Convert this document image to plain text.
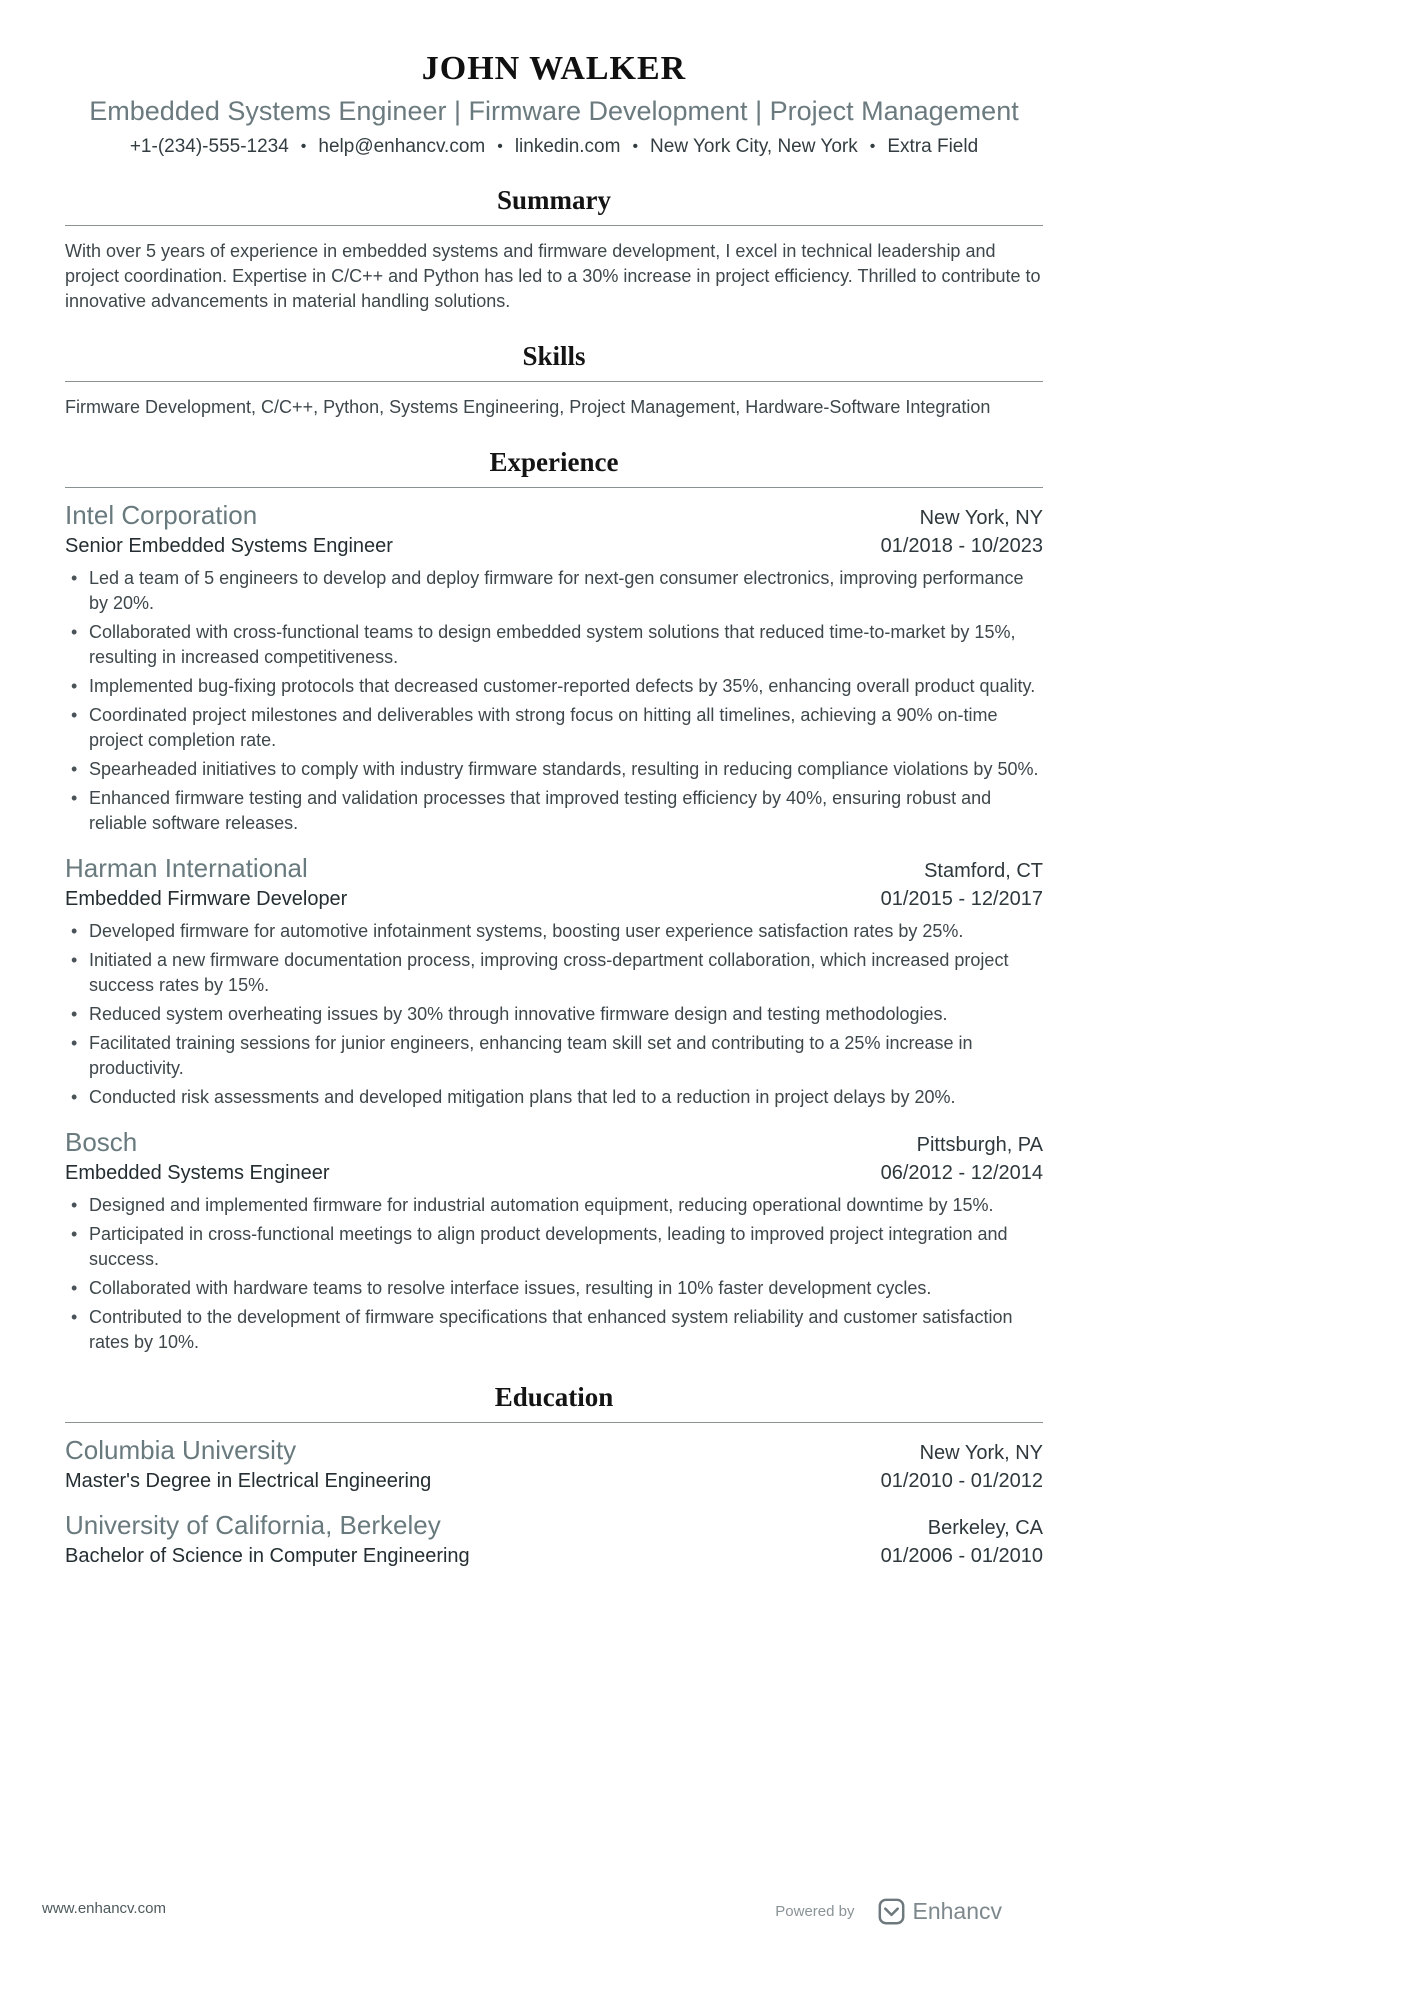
JOHN WALKER
Embedded Systems Engineer | Firmware Development | Project Management
+1-(234)-555-1234	• help@enhancv.com	• linkedin.com	• New York City, New York	• Extra Field
Summary

With over 5 years of experience in embedded systems and firmware development, I excel in technical leadership and project coordination. Expertise in C/C++ and Python has led to a 30% increase in project efficiency. Thrilled to contribute to innovative advancements in material handling solutions.

Skills

Firmware Development, C/C++, Python, Systems Engineering, Project Management, Hardware-Software Integration

Experience
Intel Corporation	New York, NY
Senior Embedded Systems Engineer	01/2018 - 10/2023
• Led a team of 5 engineers to develop and deploy firmware for next-gen consumer electronics, improving performance by 20%.
• Collaborated with cross-functional teams to design embedded system solutions that reduced time-to-market by 15%, resulting in increased competitiveness.
• Implemented bug-fixing protocols that decreased customer-reported defects by 35%, enhancing overall product quality.
• Coordinated project milestones and deliverables with strong focus on hitting all timelines, achieving a 90% on-time project completion rate.
• Spearheaded initiatives to comply with industry firmware standards, resulting in reducing compliance violations by 50%.
• Enhanced firmware testing and validation processes that improved testing efficiency by 40%, ensuring robust and reliable software releases.
Harman International	Stamford, CT
Embedded Firmware Developer	01/2015 - 12/2017
• Developed firmware for automotive infotainment systems, boosting user experience satisfaction rates by 25%.
• Initiated a new firmware documentation process, improving cross-department collaboration, which increased project success rates by 15%.
• Reduced system overheating issues by 30% through innovative firmware design and testing methodologies.
• Facilitated training sessions for junior engineers, enhancing team skill set and contributing to a 25% increase in productivity.
• Conducted risk assessments and developed mitigation plans that led to a reduction in project delays by 20%.
Bosch	Pittsburgh, PA
Embedded Systems Engineer	06/2012 - 12/2014
• Designed and implemented firmware for industrial automation equipment, reducing operational downtime by 15%.
• Participated in cross-functional meetings to align product developments, leading to improved project integration and success.
• Collaborated with hardware teams to resolve interface issues, resulting in 10% faster development cycles.
• Contributed to the development of firmware specifications that enhanced system reliability and customer satisfaction rates by 10%.
Education
Columbia University	New York, NY
Master's Degree in Electrical Engineering	01/2010 - 01/2012
University of California, Berkeley	Berkeley, CA
Bachelor of Science in Computer Engineering	01/2006 - 01/2010
www.enhancv.com	Powered by	Enhancv
